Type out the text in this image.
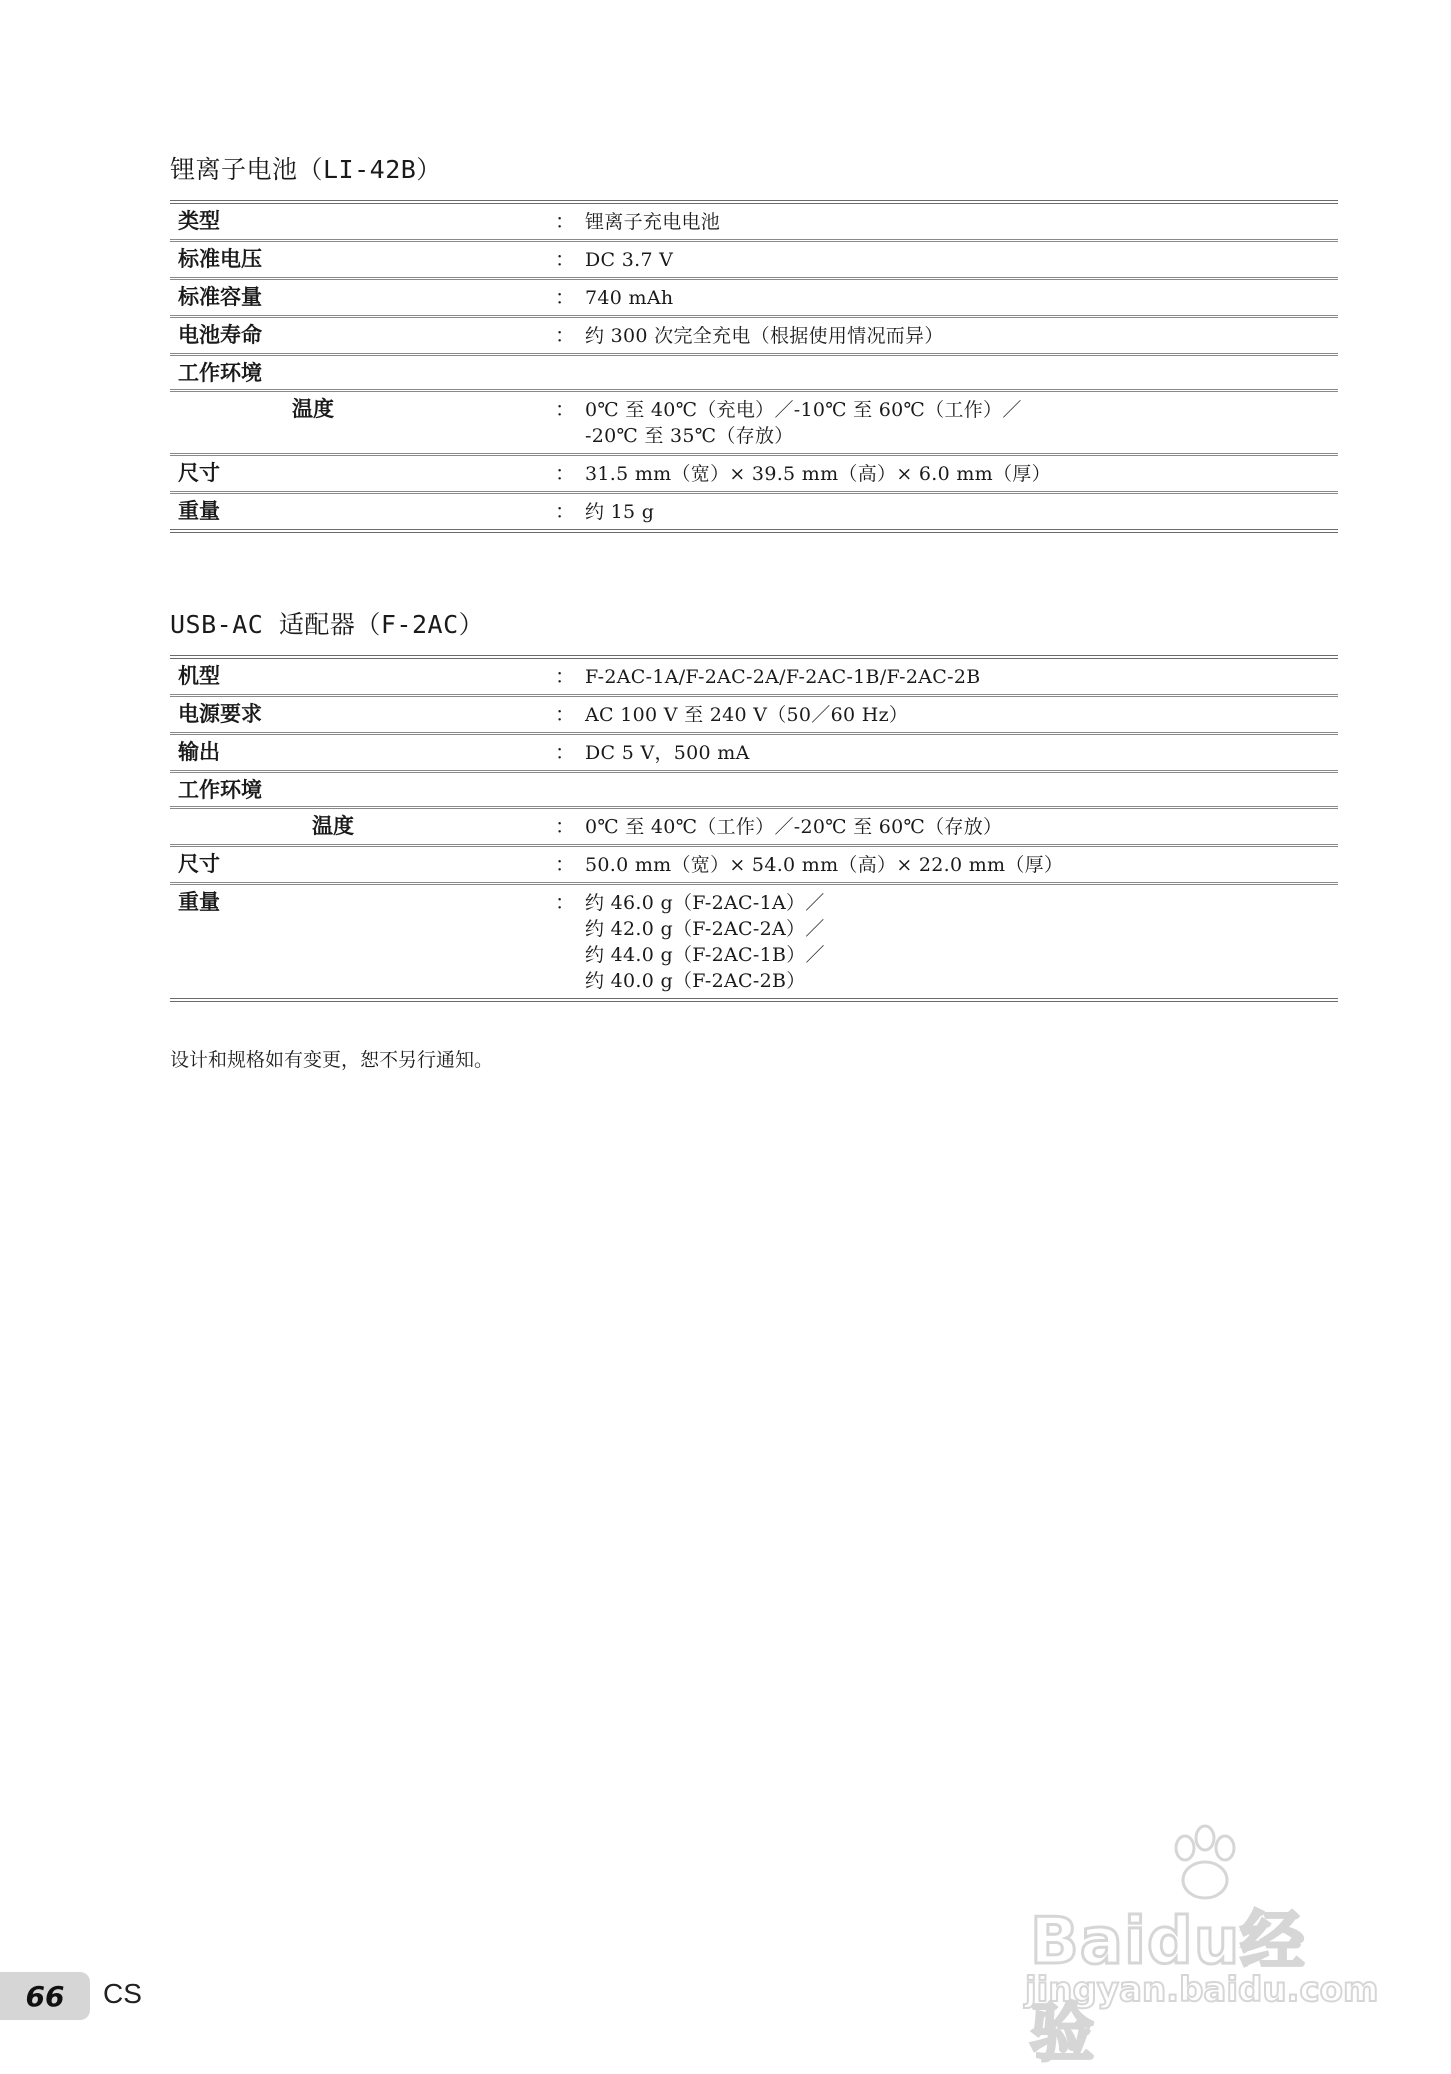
锂离子电池（LI-42B）
类型	： 锂离子充电电池
标准电压	： DC 3.7 V
标准容量	： 740 mAh
电池寿命	： 约 300 次完全充电（根据使用情况而异）
工作环境
温度	： 0℃ 至 40℃（充电）／-10℃ 至 60℃（工作）／
-20℃ 至 35℃（存放）
尺寸	： 31.5 mm（宽）× 39.5 mm（高）× 6.0 mm（厚）
重量	： 约 15 g
USB-AC 适配器（F-2AC）
机型	： F-2AC-1A/F-2AC-2A/F-2AC-1B/F-2AC-2B
电源要求	： AC 100 V 至 240 V（50／60 Hz）
输出	： DC 5 V，500 mA
工作环境
温度	： 0℃ 至 40℃（工作）／-20℃ 至 60℃（存放）
尺寸	： 50.0 mm（宽）× 54.0 mm（高）× 22.0 mm（厚）
重量	： 约 46.0 g（F-2AC-1A）／
约 42.0 g（F-2AC-2A）／
约 44.0 g（F-2AC-1B）／
约 40.0 g（F-2AC-2B）
设计和规格如有变更，恕不另行通知。
Baidu经验
jingyan.baidu.com
66	CS
